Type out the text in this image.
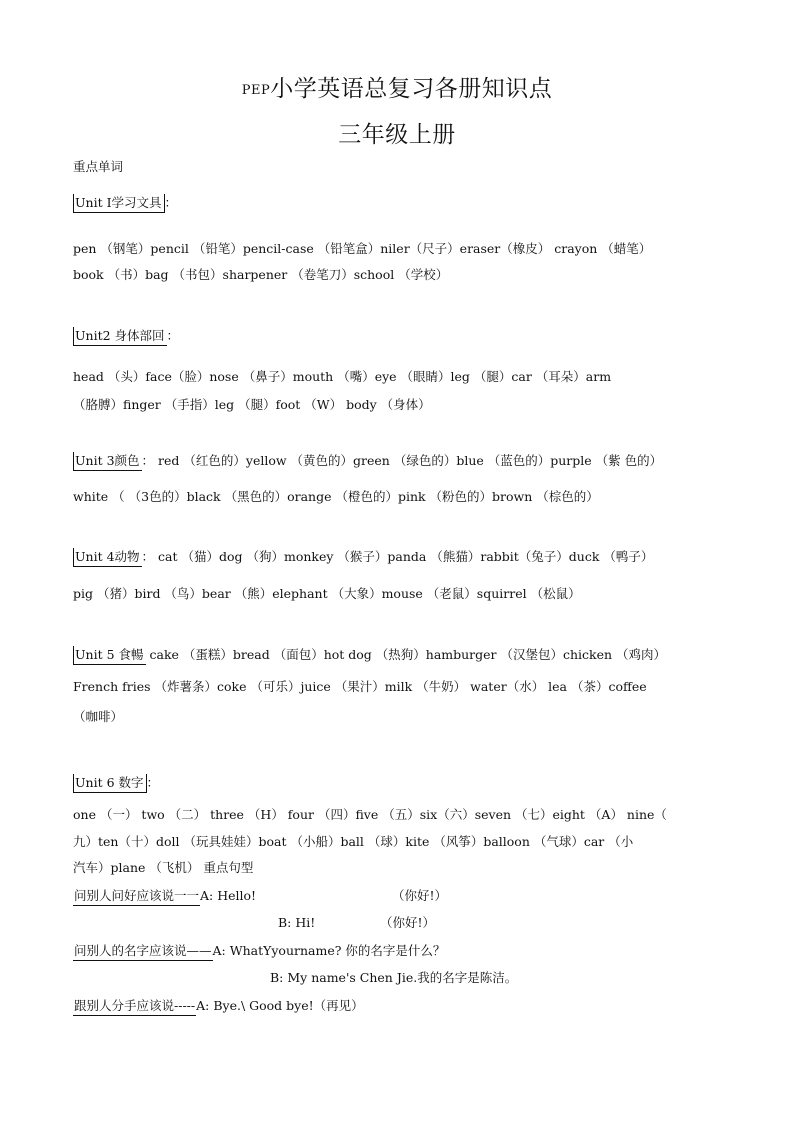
PEP小学英语总复习各册知识点
三年级上册
重点单词
Unit I学习文具 ：
pen （钢笔）pencil （铅笔）pencil-case （铅笔盒）niler（尺子）eraser（橡皮） crayon （蜡笔）
book （书）bag （书包）sharpener （卷笔刀）school （学校）
Unit2 身体部回 ：
head （头）face（脸）nose （鼻子）mouth （嘴）eye （眼睛）leg （腿）car （耳朵）arm
（胳膊）finger （手指）leg （腿）foot （W） body （身体）
Unit 3颜色 ： red （红色的）yellow （黄色的）green （绿色的）blue （蓝色的）purple （紫 色的）
white （ （3色的）black （黑色的）orange （橙色的）pink （粉色的）brown （棕色的）
Unit 4动物 ： cat （猫）dog （狗）monkey （猴子）panda （熊猫）rabbit（兔子）duck （鸭子）
pig （猪）bird （鸟）bear （熊）elephant （大象）mouse （老鼠）squirrel （松鼠）
Unit 5 食暢 cake （蛋糕）bread （面包）hot dog （热狗）hamburger （汉堡包）chicken （鸡肉）
French fries （炸薯条）coke （可乐）juice （果汁）milk （牛奶） water（水） lea （茶）coffee
（咖啡）
Unit 6 数字 ：
one （一） two （二） three （H） four （四）five （五）six（六）seven （七）eight （A） nine（
九）ten（十）doll （玩具娃娃）boat （小船）ball （球）kite （风筝）balloon （气球）car （小
汽车）plane （飞机） 重点句型
问别人问好应该说一一A: Hello!	（你好!）
B: Hi!	（你好!）
问别人的名字应该说——A: WhatYyourname? 你的名字是什么？
B: My name's Chen Jie.我的名字是陈洁。
跟别人分手应该说-----A: Bye.\ Good bye!（再见）
